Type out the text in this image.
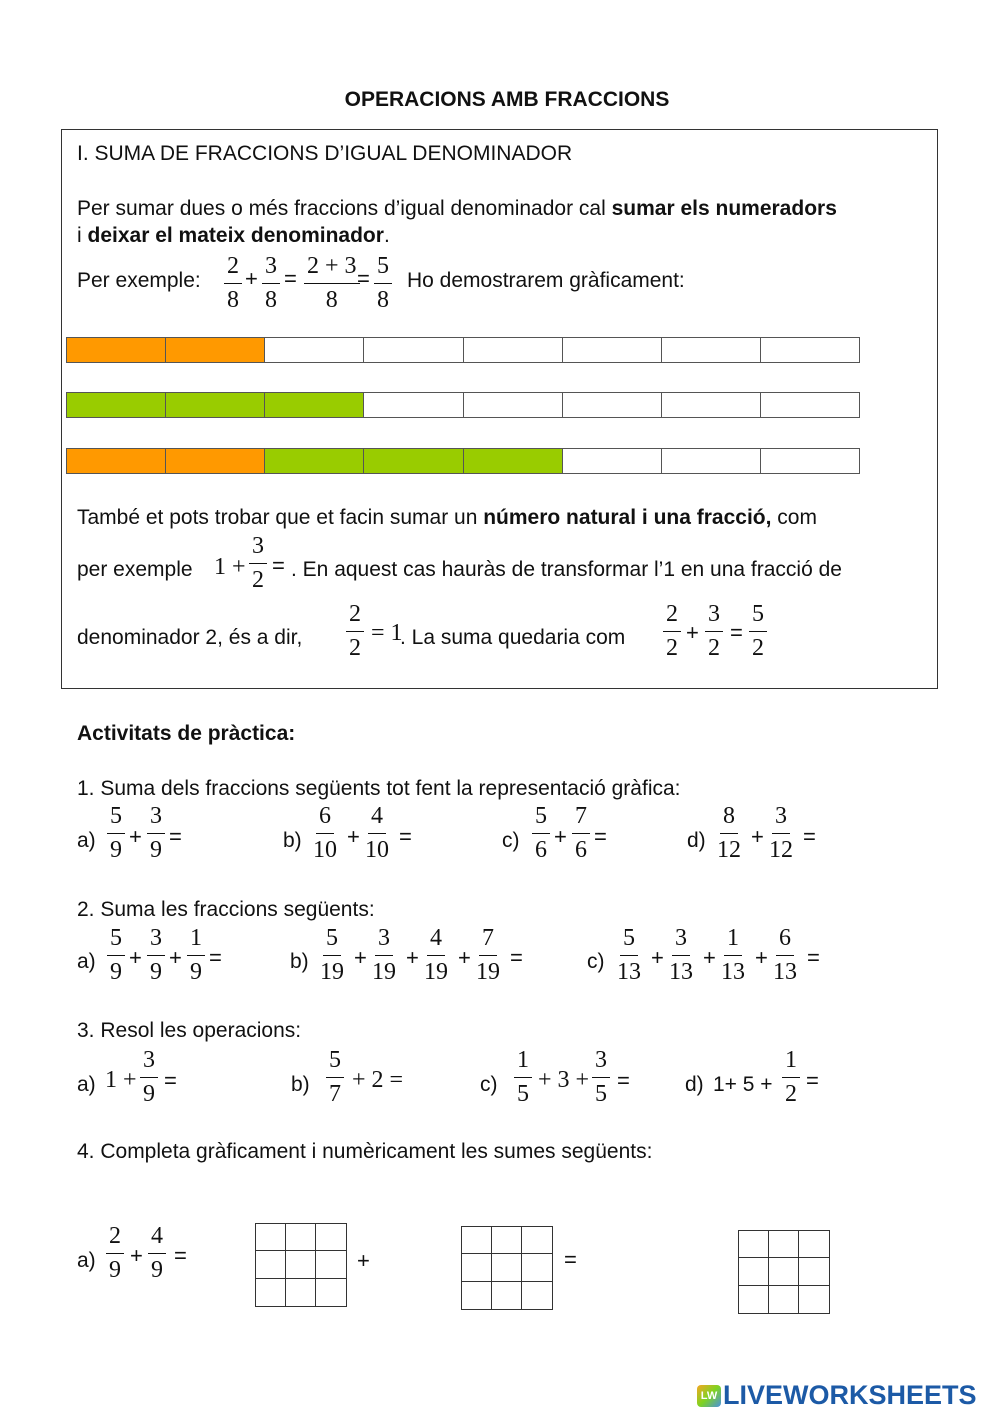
OPERACIONS AMB FRACCIONS
I. SUMA DE FRACCIONS D’IGUAL DENOMINADOR
Per sumar dues o més fraccions d’igual denominador cal sumar els numeradors
i deixar el mateix denominador.
Per exemple: $\frac{2}{8} + \frac{3}{8} = \frac{2 + 3}{8}$
= $\frac{5}{8}$ Ho demostrarem gràficament:
També et pots trobar que et facin sumar un número natural i una fracció, com
per exemple $1 + \frac{3}{2}$ = . En aquest cas hauràs de transformar l’1 en una fracció de
denominador 2, és a dir, $\frac{2}{2} = 1$
. La suma quedaria com $\frac{2}{2} + \frac{3}{2} = \frac{5}{2}$
Activitats de pràctica:
1. Suma dels fraccions següents tot fent la representació gràfica:
$a) \frac{5}{9} + \frac{3}{9}$ =	$b) \frac{6}{10} + \frac{4}{10}$ =	$c) \frac{5}{6} + \frac{7}{6}$ =	$d) \frac{8}{12} + \frac{3}{12}$ =
2. Suma les fraccions següents:
$a) \frac{5}{9} + \frac{3}{9} + \frac{1}{9}$ =	$b) \frac{5}{19} + \frac{3}{19} + \frac{4}{19} + \frac{7}{19}$ =	$c) \frac{5}{13} + \frac{3}{13} + \frac{1}{13} + \frac{6}{13}$ =
3. Resol les operacions:
a) $1 + \frac{3}{9}$ =	$b) \frac{5}{7} + 2$ =	$c) \frac{1}{5} + 3 + \frac{3}{5}$ =	d) $1+ 5 + \frac{1}{2}$ =
4. Completa gràficament i numèricament les sumes següents:
$a) \frac{2}{9} + \frac{4}{9}$ =	+	=
LW LIVEWORKSHEETS
